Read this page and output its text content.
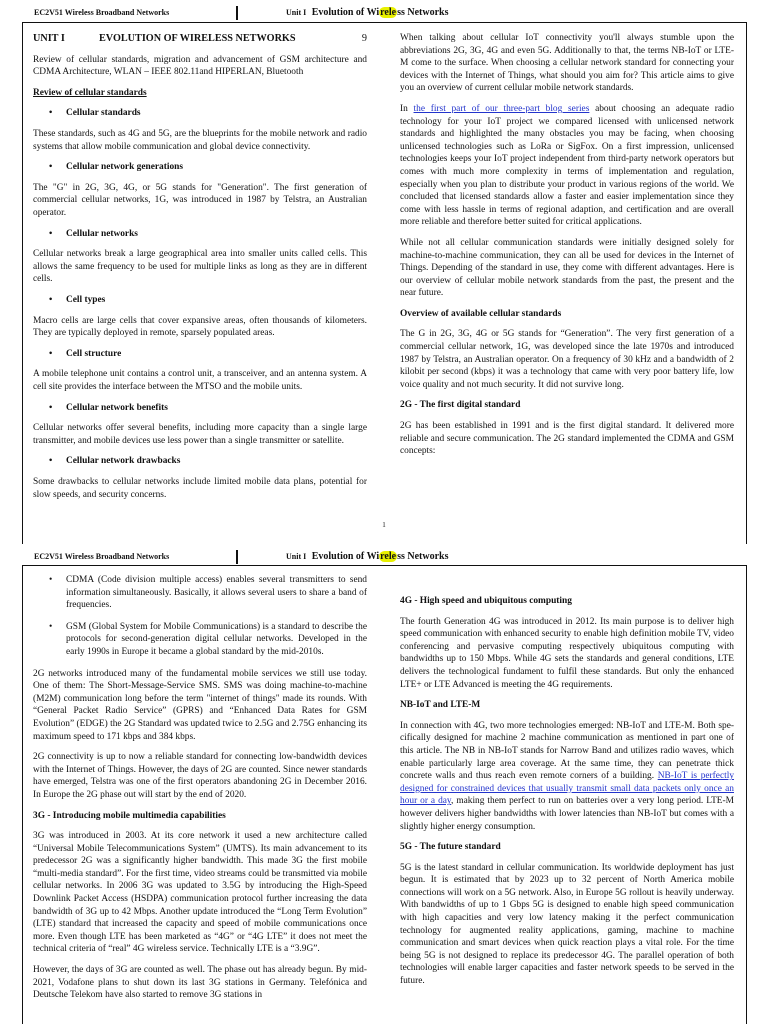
EC2V51 Wireless Broadband Networks	Unit I Evolution of Wireless Networks
UNIT I	EVOLUTION OF WIRELESS NETWORKS	9

Review of cellular standards, migration and advancement of GSM architecture and CDMA Architecture, WLAN – IEEE 802.11and HIPERLAN, Bluetooth

Review of cellular standards
• Cellular standards

These standards, such as 4G and 5G, are the blueprints for the mobile network and radio systems that allow mobile communication and global device connectivity.

• Cellular network generations

The "G" in 2G, 3G, 4G, or 5G stands for "Generation". The first generation of commercial cellular networks, 1G, was introduced in 1987 by Telstra, an Australian operator.

• Cellular networks

Cellular networks break a large geographical area into smaller units called cells. This allows the same frequency to be used for multiple links as long as they are in different cells.

• Cell types

Macro cells are large cells that cover expansive areas, often thousands of kilometers. They are typically deployed in remote, sparsely populated areas.

• Cell structure

A mobile telephone unit contains a control unit, a transceiver, and an antenna system. A cell site provides the interface between the MTSO and the mobile units.

• Cellular network benefits

Cellular networks offer several benefits, including more capacity than a single large transmitter, and mobile devices use less power than a single transmitter or satellite.

• Cellular network drawbacks

Some drawbacks to cellular networks include limited mobile data plans, potential for slow speeds, and security concerns.

When talking about cellular IoT connectivity you'll always stumble upon the abbreviations 2G, 3G, 4G and even 5G. Additionally to that, the terms NB-IoT or LTE-M come to the surface. When choosing a cellular network standard for connecting your devices with the Internet of Things, what should you aim for? This article aims to give you an overview of current cellular mobile network standards.

In the first part of our three-part blog series about choosing an adequate radio technology for your IoT project we compared licensed with unlicensed network standards and highlighted the many obstacles you may be facing, when choosing unlicensed technologies such as LoRa or SigFox. On a first impression, unlicensed technologies keeps your IoT project independent from third-party network operators but comes with much more complexity in terms of implementation and regulation, especially when you plan to distribute your product in various regions of the world. We concluded that licensed standards allow a faster and easier implementation since they come with less hassle in terms of regional adaption, and certification and are overall more reliable and therefore better suited for critical applications.

While not all cellular communication standards were initially designed solely for machine-to-machine communication, they can all be used for devices in the Internet of Things. Depending of the standard in use, they come with different advantages. Here is our overview of cellular mobile network standards from the past, the present and the near future.

Overview of available cellular standards

The G in 2G, 3G, 4G or 5G stands for “Generation”. The very first generation of a commercial cellular network, 1G, was developed since the late 1970s and introduced 1987 by Telstra, an Australian operator. On a frequency of 30 kHz and a bandwidth of 2 kilobit per second (kbps) it was a technology that came with very poor battery life, low voice quality and not much security. It did not survive long.

2G - The first digital standard

2G has been established in 1991 and is the first digital standard. It delivered more reliable and secure communication. The 2G standard implemented the CDMA and GSM concepts:

1
EC2V51 Wireless Broadband Networks	Unit I Evolution of Wireless Networks
• CDMA (Code division multiple access) enables several transmitters to send information simultaneously. Basically, it allows several users to share a band of frequencies.
• GSM (Global System for Mobile Communications) is a standard to describe the protocols for second-generation digital cellular networks. Developed in the early 1990s in Europe it became a global standard by the mid-2010s.

2G networks introduced many of the fundamental mobile services we still use today. One of them: The Short-Message-Service SMS. SMS was doing machine-to-machine (M2M) communication long before the term "internet of things" made its rounds. With “General Packet Radio Service” (GPRS) and “Enhanced Data Rates for GSM Evolution” (EDGE) the 2G Standard was updated twice to 2.5G and 2.75G enhancing its maximum speed to 171 kbps and 384 kbps.

2G connectivity is up to now a reliable standard for connecting low-bandwidth devices with the Internet of Things. However, the days of 2G are counted. Since newer standards have emerged, Telstra was one of the first operators abandoning 2G in December 2016. In Europe the 2G phase out will start by the end of 2020.

3G - Introducing mobile multimedia capabilities

3G was introduced in 2003. At its core network it used a new architecture called “Universal Mobile Telecommunications System” (UMTS). Its main advancement to its predecessor 2G was a significantly higher bandwidth. This made 3G the first mobile “multi-media standard”. For the first time, video streams could be transmitted via mobile cellular networks. In 2006 3G was updated to 3.5G by introducing the High-Speed Downlink Packet Access (HSDPA) communication protocol further increasing the data bandwidth of 3G up to 42 Mbps. Another update introduced the “Long Term Evolution” (LTE) standard that increased the capacity and speed of mobile communications once more. Even though LTE has been marketed as “4G” or “4G LTE” it does not meet the technical criteria of “real” 4G wireless service. Technically LTE is a “3.9G”.

However, the days of 3G are counted as well. The phase out has already begun. By mid-2021, Vodafone plans to shut down its last 3G stations in Germany. Telefónica and Deutsche Telekom have also started to remove 3G stations in

4G - High speed and ubiquitous computing

The fourth Generation 4G was introduced in 2012. Its main purpose is to deliver high speed communication with enhanced security to enable high definition mobile TV, video conferencing and pervasive computing respectively ubiquitous computing with bandwidths up to 150 Mbps. While 4G sets the standards and general conditions, LTE delivers the technological fundament to fulfil these standards. But only the enhanced LTE+ or LTE Advanced is meeting the 4G requirements.

NB-IoT and LTE-M

In connection with 4G, two more technologies emerged: NB-IoT and LTE-M. Both spe-cifically designed for machine 2 machine communication as mentioned in part one of this article. The NB in NB-IoT stands for Narrow Band and utilizes radio waves, which enable particularly large area coverage. At the same time, they can penetrate thick concrete walls and thus reach even remote corners of a building. NB-IoT is perfectly designed for constrained devices that usually transmit small data packets only once an hour or a day, making them perfect to run on batteries over a very long period. LTE-M however delivers higher bandwidths with lower latencies than NB-IoT but comes with a slightly higher energy consumption.

5G - The future standard

5G is the latest standard in cellular communication. Its worldwide deployment has just begun. It is estimated that by 2023 up to 32 percent of North America mobile connections will work on a 5G network. Also, in Europe 5G rollout is heavily underway. With bandwidths of up to 1 Gbps 5G is designed to enable high speed communication with high capacities and very low latency making it the perfect communication technology for augmented reality applications, gaming, machine to machine communication and smart devices when quick reaction plays a vital role. For the time being 5G is not designed to replace its predecessor 4G. The parallel operation of both technologies will enable larger capacities and faster network speeds to be served in the future.
